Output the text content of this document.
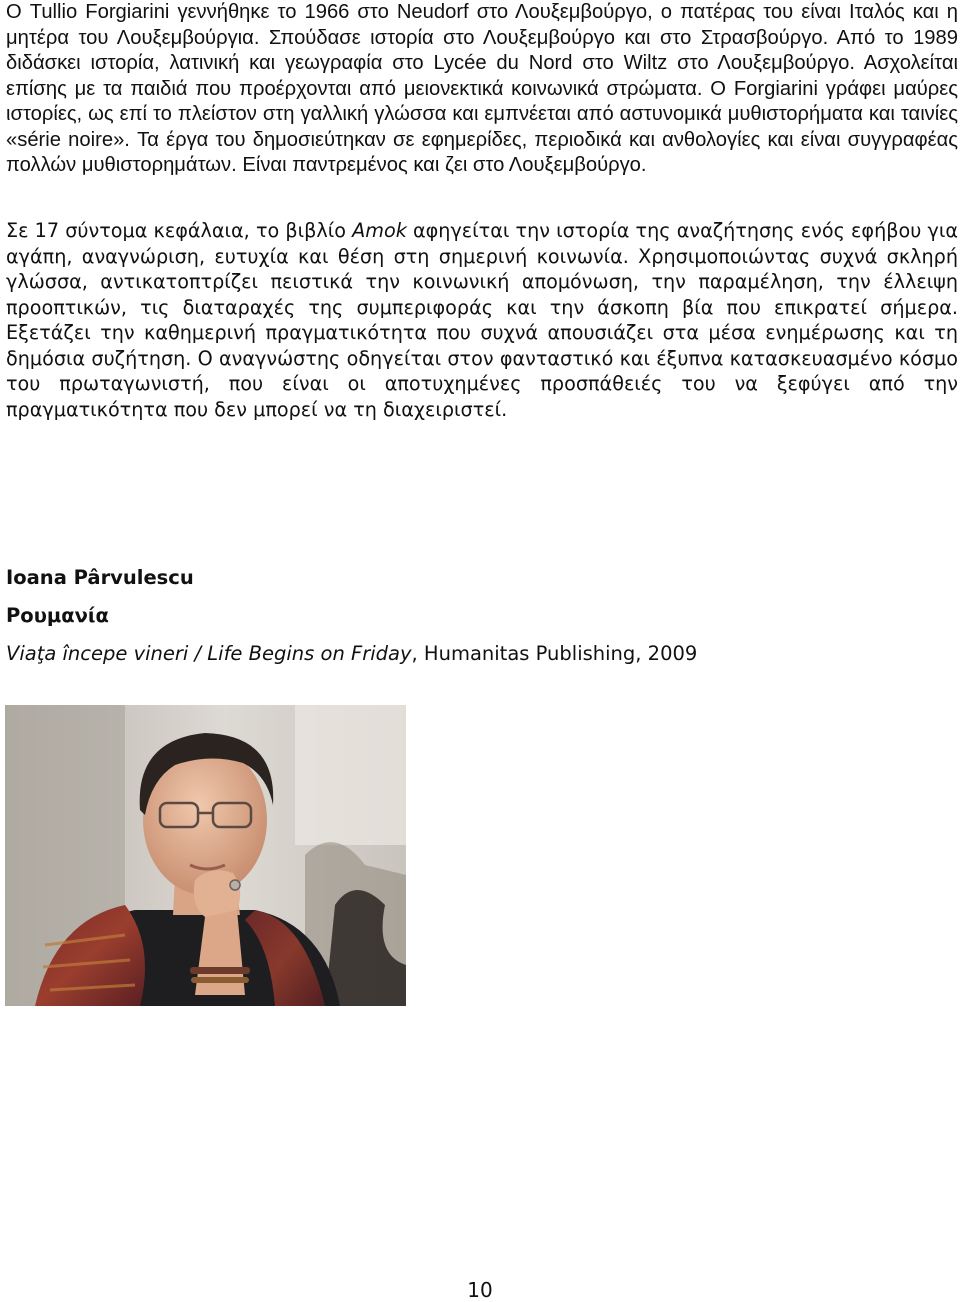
Ο Tullio Forgiarini γεννήθηκε το 1966 στο Neudorf στο Λουξεμβούργο, ο πατέρας του είναι Ιταλός και η μητέρα του Λουξεμβούργια. Σπούδασε ιστορία στο Λουξεμβούργο και στο Στρασβούργο. Από το 1989 διδάσκει ιστορία, λατινική και γεωγραφία στο Lycée du Nord στο Wiltz στο Λουξεμβούργο. Ασχολείται επίσης με τα παιδιά που προέρχονται από μειονεκτικά κοινωνικά στρώματα. Ο Forgiarini γράφει μαύρες ιστορίες, ως επί το πλείστον στη γαλλική γλώσσα και εμπνέεται από αστυνομικά μυθιστορήματα και ταινίες «série noire». Τα έργα του δημοσιεύτηκαν σε εφημερίδες, περιοδικά και ανθολογίες και είναι συγγραφέας πολλών μυθιστορημάτων. Είναι παντρεμένος και ζει στο Λουξεμβούργο.

Σε 17 σύντομα κεφάλαια, το βιβλίο Amok αφηγείται την ιστορία της αναζήτησης ενός εφήβου για αγάπη, αναγνώριση, ευτυχία και θέση στη σημερινή κοινωνία. Χρησιμοποιώντας συχνά σκληρή γλώσσα, αντικατοπτρίζει πειστικά την κοινωνική απομόνωση, την παραμέληση, την έλλειψη προοπτικών, τις διαταραχές της συμπεριφοράς και την άσκοπη βία που επικρατεί σήμερα. Εξετάζει την καθημερινή πραγματικότητα που συχνά απουσιάζει στα μέσα ενημέρωσης και τη δημόσια συζήτηση. Ο αναγνώστης οδηγείται στον φανταστικό και έξυπνα κατασκευασμένο κόσμο του πρωταγωνιστή, που είναι οι αποτυχημένες προσπάθειές του να ξεφύγει από την πραγματικότητα που δεν μπορεί να τη διαχειριστεί.

Ioana Pârvulescu

Ρουμανία

Viaţa începe vineri / Life Begins on Friday, Humanitas Publishing, 2009

10
